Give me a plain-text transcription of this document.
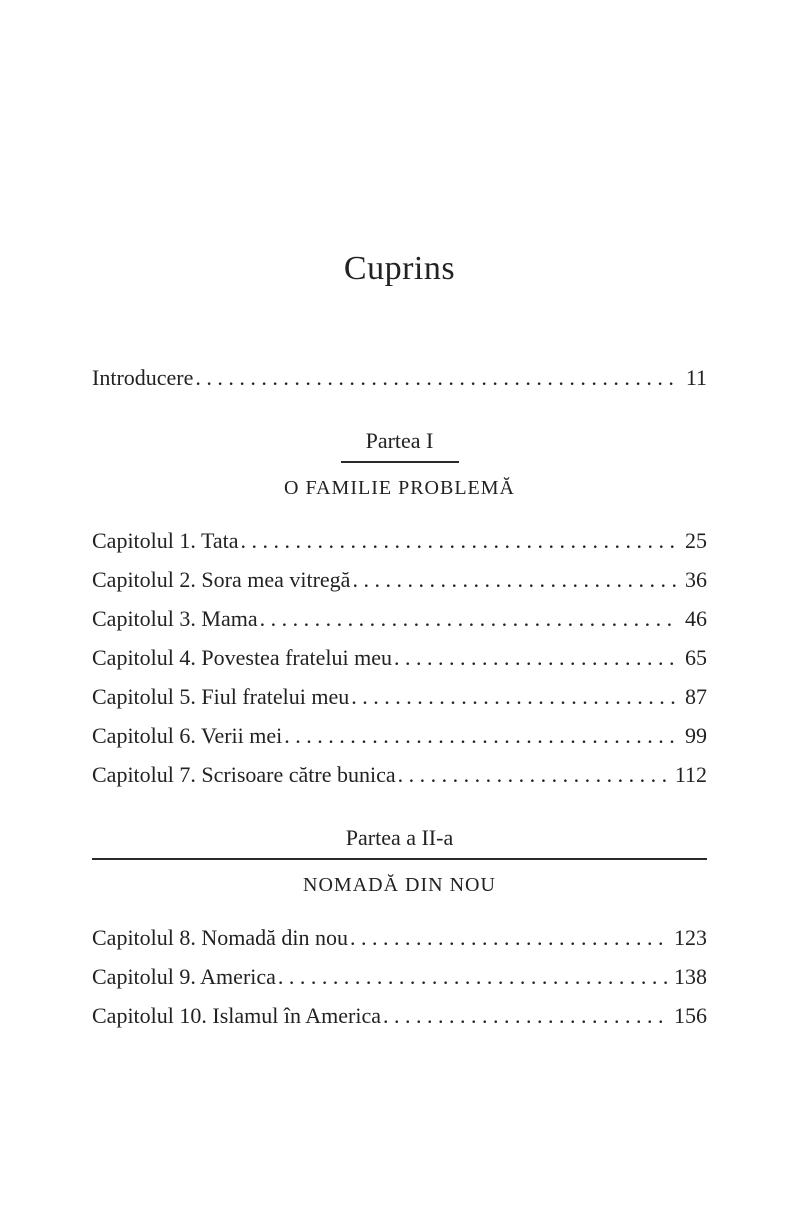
Cuprins
Introducere . . .	11
Partea I
O FAMILIE PROBLEMĂ
Capitolul 1. Tata . . .	25
Capitolul 2. Sora mea vitregă . . .	36
Capitolul 3. Mama . . .	46
Capitolul 4. Povestea fratelui meu . . .	65
Capitolul 5. Fiul fratelui meu . . .	87
Capitolul 6. Verii mei . . .	99
Capitolul 7. Scrisoare către bunica . . .	112
Partea a II-a
NOMADĂ DIN NOU
Capitolul 8. Nomadă din nou . . .	123
Capitolul 9. America . . .	138
Capitolul 10. Islamul în America . . .	156
